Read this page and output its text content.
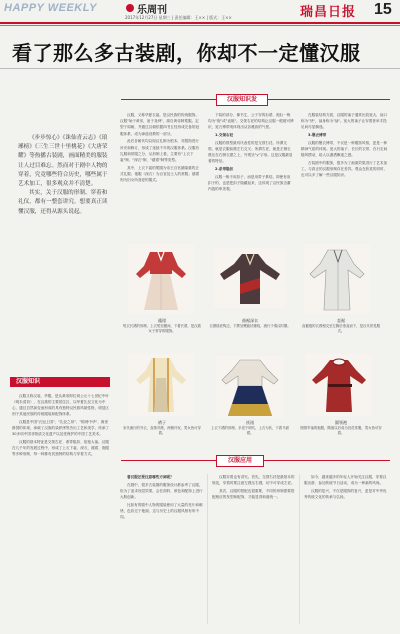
HAPPY WEEKLY	乐周刊
2017年12月27日 星期三 | 责任编辑：王×× | 版式：王××	瑞昌日报 15
看了那么多古装剧，你却不一定懂汉服

《步步惊心》《诛仙青云志》《琅琊榜》《三生三世十里桃花》《大唐荣耀》等热播古装剧，画面精美的服装让人过目难忘。然而对于剧中人物的穿着，究竟哪些符合历史，哪些属于艺术加工，很多观众并不清楚。

其实，关于汉服的形制、穿着和礼仪，都有一整套讲究。想要真正读懂汉服，还得从源头说起。

汉服知识

汉服又称汉装、华服，是从黄帝即位到公元十七世纪中叶（明末清初），在汉族的主要居住区，以华夏礼仪文化为中心，通过自然演变而形成的具有独特汉民族风貌性格，明显区别于其他民族的传统服装和配饰体系。

汉服是中国"衣冠上国"、"礼仪之邦"、"锦绣中华"、赛里斯国的体现，承载了汉族的染织绣等杰出工艺和美学，传承了30多项中国非物质文化遗产以及受保护的中国工艺美术。

汉服的基本特征是交领右衽、系带隐扣、宽袍大袖。汉服在几千年的发展过程中，形成了上衣下裳、深衣、襦裙、袍服等多种形制，每一种都有其独特的结构与穿着方式。

汉服知识发

汉服，又称华夏衣裳，是汉民族的传统服饰。汉服"始于黄帝，备于尧舜"，源自黄帝制冕服。定型于周朝，并通过汉朝依据四书五经形成完备的冠服体系，成为神道设教的一部分。

此后各朝代均以周汉礼制为根本，对服饰进行补充和修订，形成了延续千年的汉服体系。汉服有礼服和常服之分，从形制上看，主要有"上衣下裳"制、"深衣"制、"襦裙"制等类型。

其中，上衣下裳的冕服为帝王百官最隆重的正式礼服；袍服（深衣）为百官及士人的常服；襦裙则为妇女所喜爱的服式。

下装的部分，像书生，公子穿的衫裙、袍衫一般均为"袍"或"直裰"。交领右衽的结构让汉服一眼便可辨识，宽衣博带则体现出从容雅致的气度。

1.交领右衽

汉服的领型最具代表性的是交领右衽。所谓交领，就是衣服前襟左右交叉；所谓右衽，就是左侧衣襟压在右侧衣襟之上，外观呈"y"字形。这是汉服最显著的特征。

2.系带隐扣

汉服一般不用扣子，而是用带子系结。即使有用扣子的，也是把扣子隐藏起来，这体现了汉民族含蓄内敛的审美观。

在服装结构方面，汉服的袖子通常比较宽大，袖口称为"袂"，袖身称为"袖"。宽大的袖子让穿着者举手投足间尽显飘逸。

3.褒衣博带

汉服的褒衣博带，不仅是一种服饰风格，更是一种精神气质的体现。宽大的袖子、长长的衣带，在行走间随风摆动，给人以潇洒飘逸之感。

古装剧中的服饰，很多为了画面效果进行了艺术加工，与真正的汉服形制存在差异。观众在欣赏的同时，也可以多了解一些汉服知识。

襦裙
短衣长裙的形制，上衣短至腰间，下着长裙，是汉族女子常穿的服饰。
曲裾深衣
衣襟续衽钩边，下摆呈螺旋状缠绕，流行于秦汉时期。
直裾
直裾袍的衣襟相交至左胸后垂直而下，是汉代常见服式。
褙子
宋代流行的外衣，直领对襟，两侧开衩，男女皆可穿着。
袄裙
上衣下裙的形制，多见于明代，上衣为袄，下着马面裙。
圆领袍
圆领窄袖的袍服，隋唐以后成为官员常服，男女皆可穿着。
汉服应用

看汉服还要注意哪些方面呢？

在剧中，很多古装剧的服饰设计都参考了汉服，但为了追求视觉效果，会在面料、颜色和配饰上进行大胆创新。

比如有的剧中人物的服装使用了大量的亮片和刺绣，色彩过于艳丽，这与历史上的汉服风格有所不同。

汉服穿着也有讲究。首先，交领右衽是最基本的规范，穿着时要注意左襟压右襟，切不可穿成左衽。

其次，汉服的搭配也很重要，不同的形制需要搭配相应的发型和配饰，才能显得和谐统一。

如今，越来越多的年轻人开始关注汉服，穿着汉服出游、参加传统节日活动，成为一种新的风尚。

汉服的复兴，不仅是服饰的复兴，更是对中华优秀传统文化的传承与弘扬。
